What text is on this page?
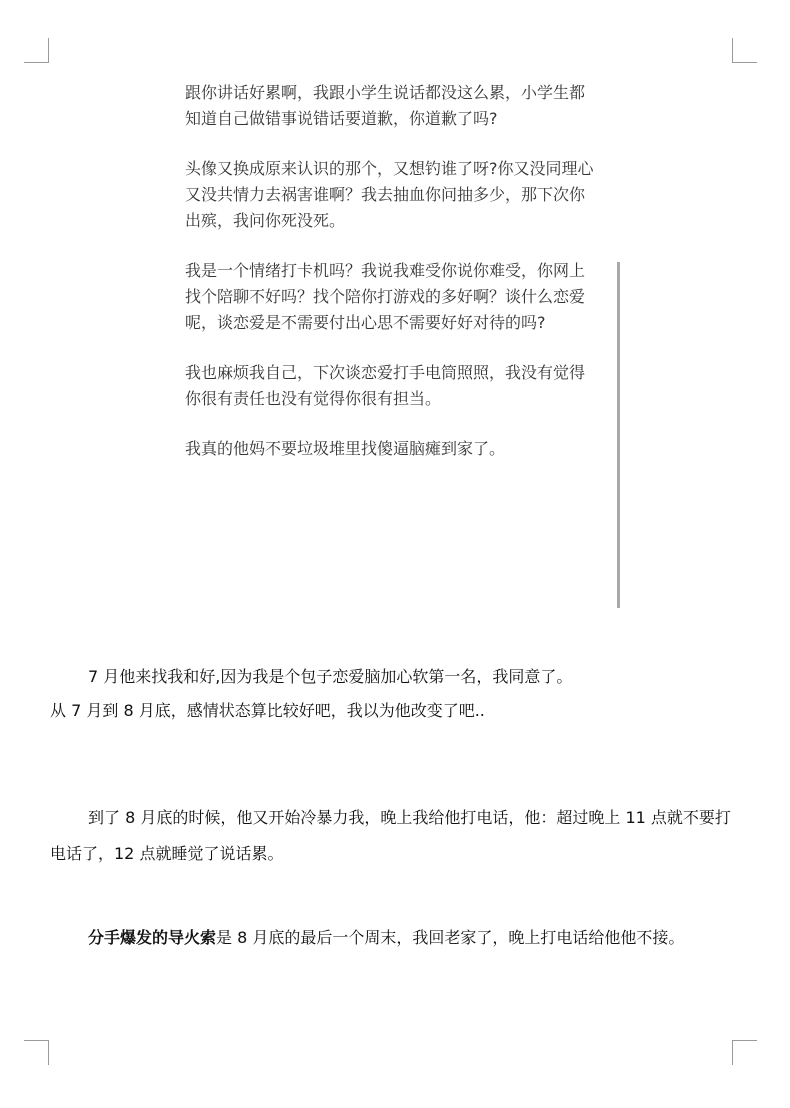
跟你讲话好累啊，我跟小学生说话都没这么累，小学生都知道自己做错事说错话要道歉，你道歉了吗?

头像又换成原来认识的那个，又想钓谁了呀?你又没同理心又没共情力去祸害谁啊？我去抽血你问抽多少，那下次你出殡，我问你死没死。

我是一个情绪打卡机吗？我说我难受你说你难受，你网上找个陪聊不好吗？找个陪你打游戏的多好啊？谈什么恋爱呢，谈恋爱是不需要付出心思不需要好好对待的吗?

我也麻烦我自己，下次谈恋爱打手电筒照照，我没有觉得你很有责任也没有觉得你很有担当。

我真的他妈不要垃圾堆里找傻逼脑瘫到家了。

7 月他来找我和好,因为我是个包子恋爱脑加心软第一名，我同意了。

从 7 月到 8 月底，感情状态算比较好吧，我以为他改变了吧..

到了 8 月底的时候，他又开始冷暴力我，晚上我给他打电话，他：超过晚上 11 点就不要打电话了，12 点就睡觉了说话累。

分手爆发的导火索是 8 月底的最后一个周末，我回老家了，晚上打电话给他他不接。
